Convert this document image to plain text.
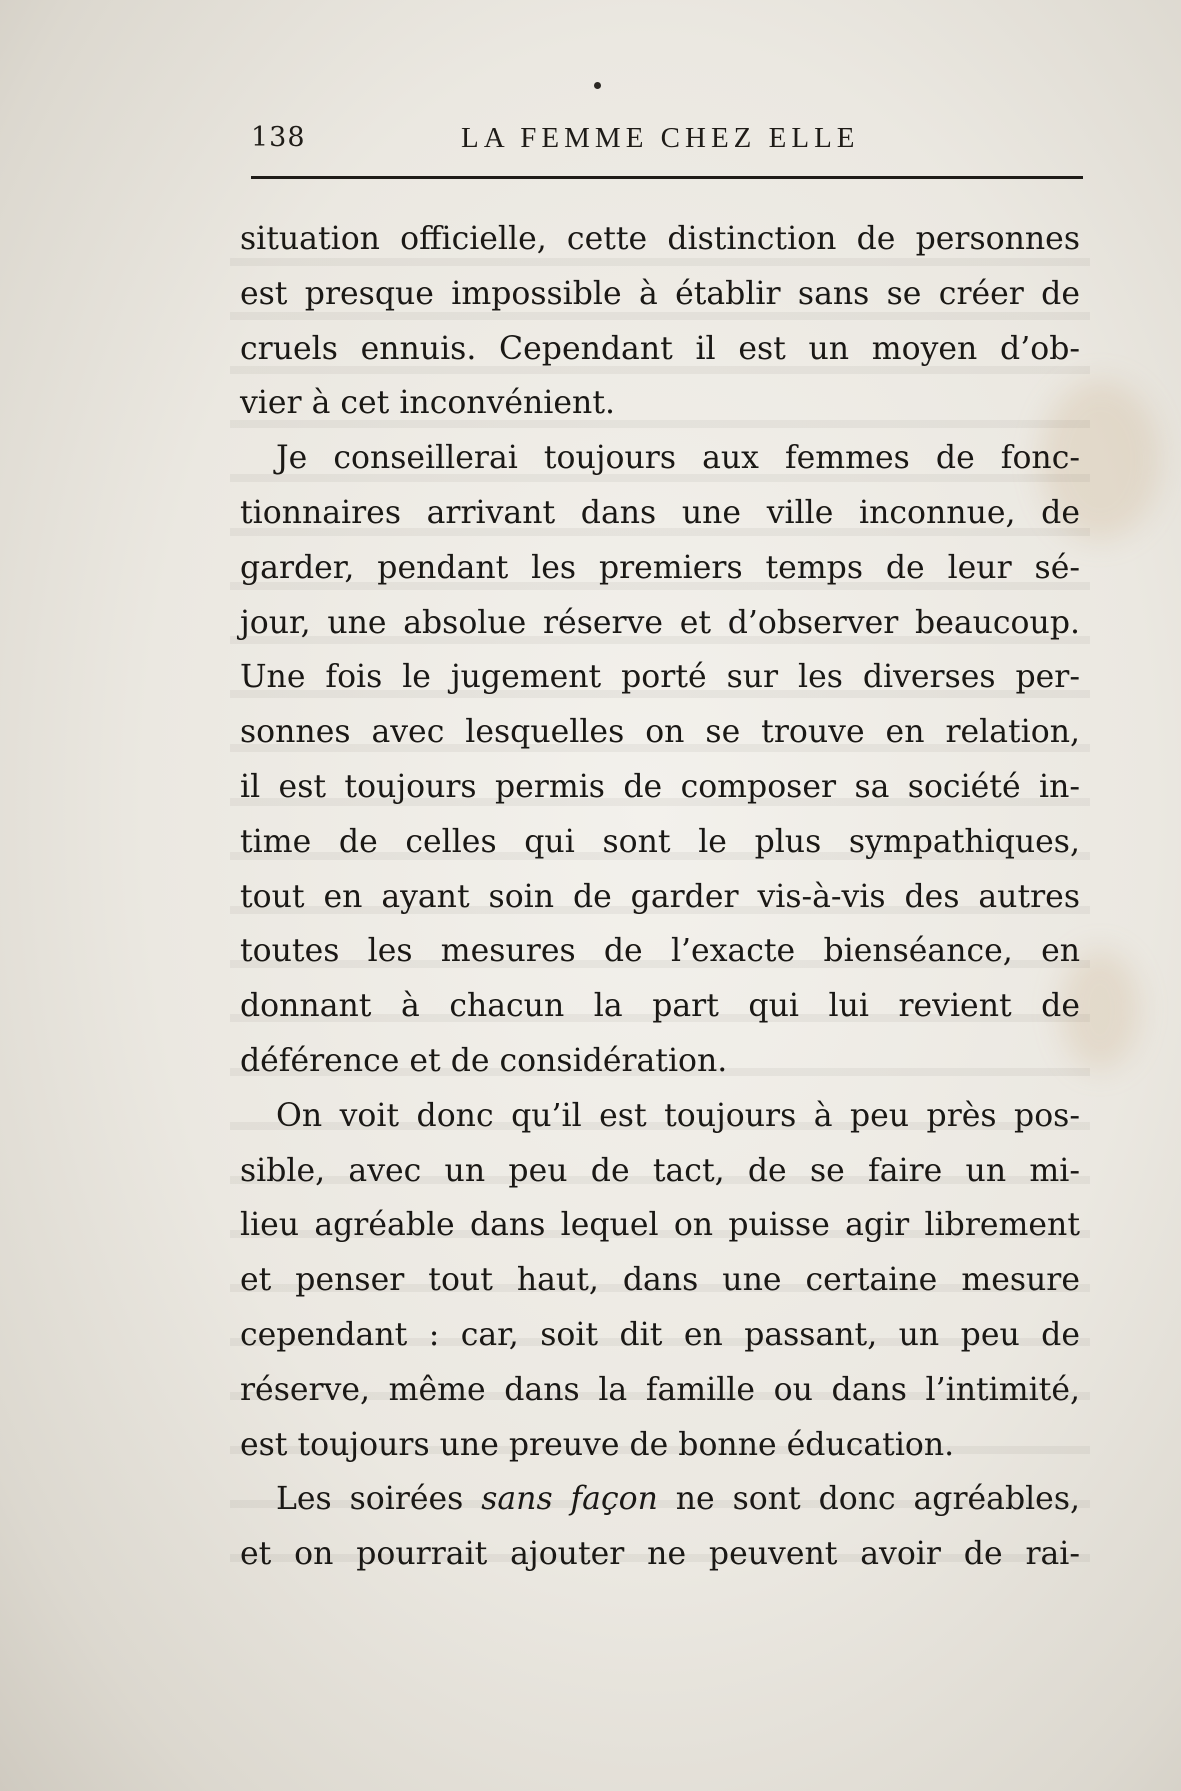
138	LA FEMME CHEZ ELLE
situation officielle, cette distinction de personnes
est presque impossible à établir sans se créer de
cruels ennuis. Cependant il est un moyen d’ob-
vier à cet inconvénient.
Je conseillerai toujours aux femmes de fonc-
tionnaires arrivant dans une ville inconnue, de
garder, pendant les premiers temps de leur sé-
jour, une absolue réserve et d’observer beaucoup.
Une fois le jugement porté sur les diverses per-
sonnes avec lesquelles on se trouve en relation,
il est toujours permis de composer sa société in-
time de celles qui sont le plus sympathiques,
tout en ayant soin de garder vis-à-vis des autres
toutes les mesures de l’exacte bienséance, en
donnant à chacun la part qui lui revient de
déférence et de considération.
On voit donc qu’il est toujours à peu près pos-
sible, avec un peu de tact, de se faire un mi-
lieu agréable dans lequel on puisse agir librement
et penser tout haut, dans une certaine mesure
cependant : car, soit dit en passant, un peu de
réserve, même dans la famille ou dans l’intimité,
est toujours une preuve de bonne éducation.
Les soirées sans façon ne sont donc agréables,
et on pourrait ajouter ne peuvent avoir de rai-
